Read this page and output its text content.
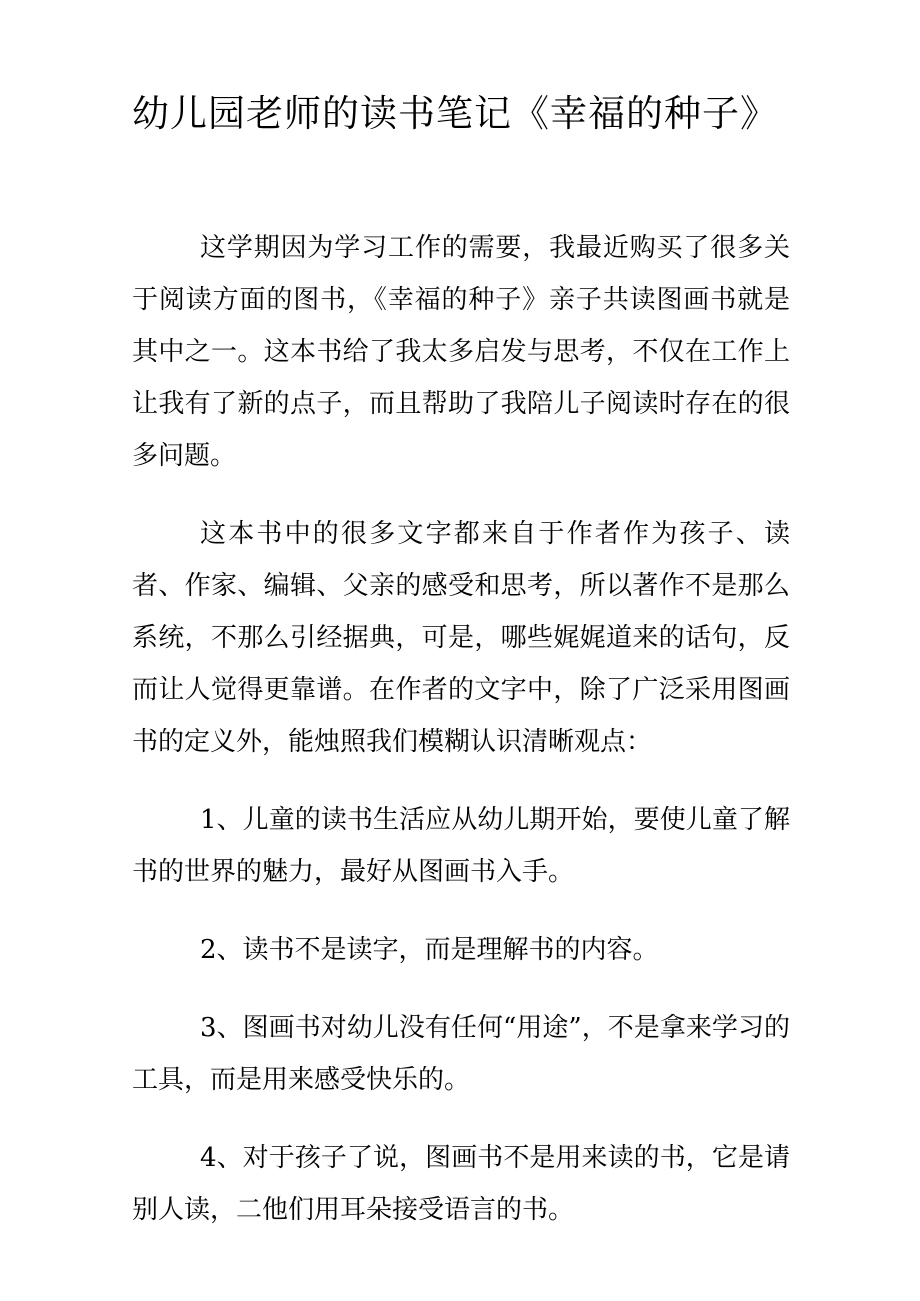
幼儿园老师的读书笔记《幸福的种子》

这学期因为学习工作的需要，我最近购买了很多关于阅读方面的图书，《幸福的种子》亲子共读图画书就是其中之一。这本书给了我太多启发与思考，不仅在工作上让我有了新的点子，而且帮助了我陪儿子阅读时存在的很多问题。

这本书中的很多文字都来自于作者作为孩子、读者、作家、编辑、父亲的感受和思考，所以著作不是那么系统，不那么引经据典，可是，哪些娓娓道来的话句，反而让人觉得更靠谱。在作者的文字中，除了广泛采用图画书的定义外，能烛照我们模糊认识清晰观点：

1、儿童的读书生活应从幼儿期开始，要使儿童了解书的世界的魅力，最好从图画书入手。

2、读书不是读字，而是理解书的内容。

3、图画书对幼儿没有任何“用途”，不是拿来学习的工具，而是用来感受快乐的。

4、对于孩子了说，图画书不是用来读的书，它是请别人读，二他们用耳朵接受语言的书。
